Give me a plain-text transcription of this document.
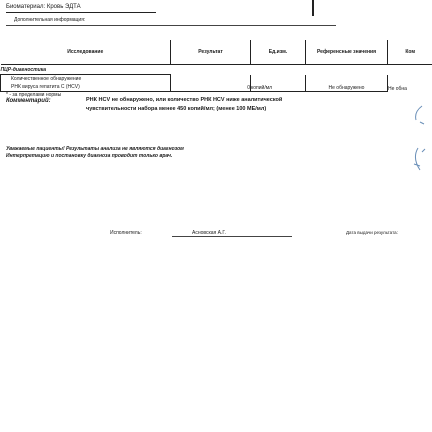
Биоматериал: Кровь ЭДТА
Дополнительная информация:
Исследование	Результат	Ед.изм.	Референсные значения	Ком
ПЦР-диагностика				
Количественное обнаружение	0	копий/мл	Не обнаружено	Не обна
РНК вируса гепатита С (HCV)				
* - за пределами нормы
Комментарий:	РНК HCV не обнаружено, или количество РНК HCV ниже аналитической чувствительности набора менее 450 копий/мл; (менее 100 МЕ/мл)
Уважаемые пациенты! Результаты анализа не являются диагнозом
Интерпретацию и постановку диагноза проводит только врач.
Исполнитель:	Асновская А.Г.	Дата выдачи результата:
